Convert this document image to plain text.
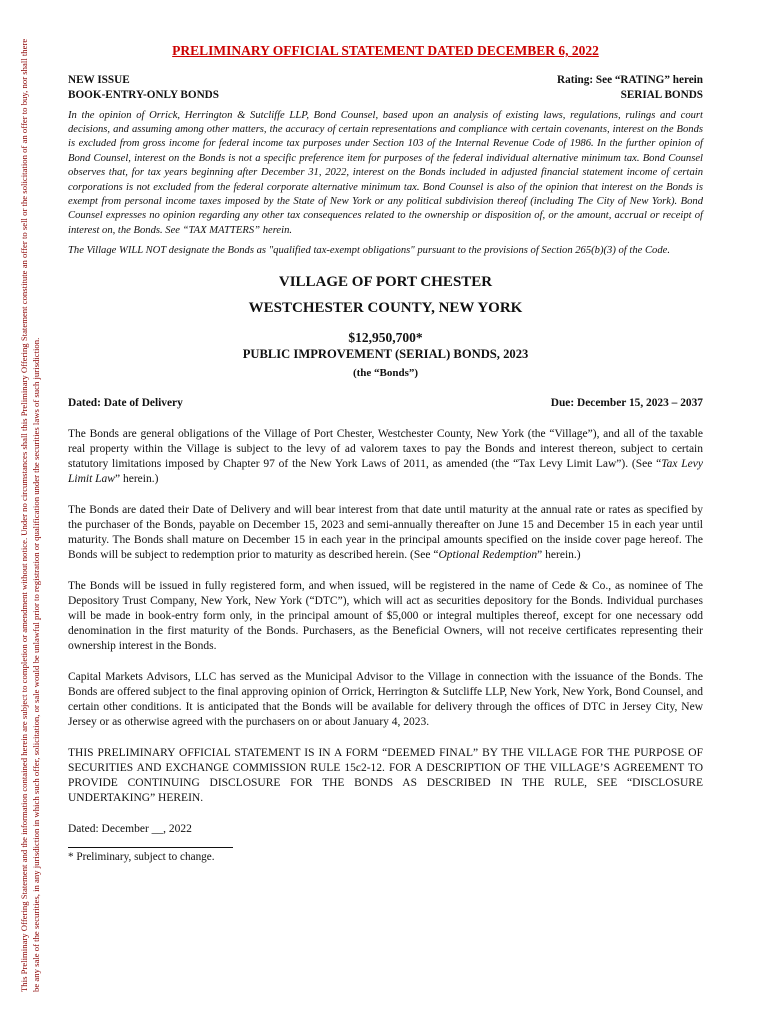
This Preliminary Offering Statement and the information contained herein are subject to completion or amendment without notice. Under no circumstances shall this Preliminary Offering Statement constitute an offer to sell or the solicitation of an offer to buy, nor shall there be any sale of the securities, in any jurisdiction in which such offer, solicitation, or sale would be unlawful prior to registration or qualification under the securities laws of such jurisdiction.
PRELIMINARY OFFICIAL STATEMENT DATED DECEMBER 6, 2022
NEW ISSUE
BOOK-ENTRY-ONLY BONDS
Rating: See “RATING” herein
SERIAL BONDS
In the opinion of Orrick, Herrington & Sutcliffe LLP, Bond Counsel, based upon an analysis of existing laws, regulations, rulings and court decisions, and assuming among other matters, the accuracy of certain representations and compliance with certain covenants, interest on the Bonds is excluded from gross income for federal income tax purposes under Section 103 of the Internal Revenue Code of 1986. In the further opinion of Bond Counsel, interest on the Bonds is not a specific preference item for purposes of the federal individual alternative minimum tax. Bond Counsel observes that, for tax years beginning after December 31, 2022, interest on the Bonds included in adjusted financial statement income of certain corporations is not excluded from the federal corporate alternative minimum tax. Bond Counsel is also of the opinion that interest on the Bonds is exempt from personal income taxes imposed by the State of New York or any political subdivision thereof (including The City of New York). Bond Counsel expresses no opinion regarding any other tax consequences related to the ownership or disposition of, or the amount, accrual or receipt of interest on, the Bonds. See “TAX MATTERS” herein.
The Village WILL NOT designate the Bonds as "qualified tax-exempt obligations" pursuant to the provisions of Section 265(b)(3) of the Code.
VILLAGE OF PORT CHESTER
WESTCHESTER COUNTY, NEW YORK
$12,950,700*
PUBLIC IMPROVEMENT (SERIAL) BONDS, 2023
(the “Bonds”)
Dated: Date of Delivery	Due: December 15, 2023 – 2037

The Bonds are general obligations of the Village of Port Chester, Westchester County, New York (the “Village”), and all of the taxable real property within the Village is subject to the levy of ad valorem taxes to pay the Bonds and interest thereon, subject to certain statutory limitations imposed by Chapter 97 of the New York Laws of 2011, as amended (the “Tax Levy Limit Law”). (See “Tax Levy Limit Law” herein.)

The Bonds are dated their Date of Delivery and will bear interest from that date until maturity at the annual rate or rates as specified by the purchaser of the Bonds, payable on December 15, 2023 and semi-annually thereafter on June 15 and December 15 in each year until maturity. The Bonds shall mature on December 15 in each year in the principal amounts specified on the inside cover page hereof. The Bonds will be subject to redemption prior to maturity as described herein. (See “Optional Redemption” herein.)

The Bonds will be issued in fully registered form, and when issued, will be registered in the name of Cede & Co., as nominee of The Depository Trust Company, New York, New York (“DTC”), which will act as securities depository for the Bonds. Individual purchases will be made in book-entry form only, in the principal amount of $5,000 or integral multiples thereof, except for one necessary odd denomination in the first maturity of the Bonds. Purchasers, as the Beneficial Owners, will not receive certificates representing their ownership interest in the Bonds.

Capital Markets Advisors, LLC has served as the Municipal Advisor to the Village in connection with the issuance of the Bonds. The Bonds are offered subject to the final approving opinion of Orrick, Herrington & Sutcliffe LLP, New York, New York, Bond Counsel, and certain other conditions. It is anticipated that the Bonds will be available for delivery through the offices of DTC in Jersey City, New Jersey or as otherwise agreed with the purchasers on or about January 4, 2023.

THIS PRELIMINARY OFFICIAL STATEMENT IS IN A FORM “DEEMED FINAL” BY THE VILLAGE FOR THE PURPOSE OF SECURITIES AND EXCHANGE COMMISSION RULE 15c2-12. FOR A DESCRIPTION OF THE VILLAGE’S AGREEMENT TO PROVIDE CONTINUING DISCLOSURE FOR THE BONDS AS DESCRIBED IN THE RULE, SEE “DISCLOSURE UNDERTAKING” HEREIN.

Dated: December __, 2022
* Preliminary, subject to change.
